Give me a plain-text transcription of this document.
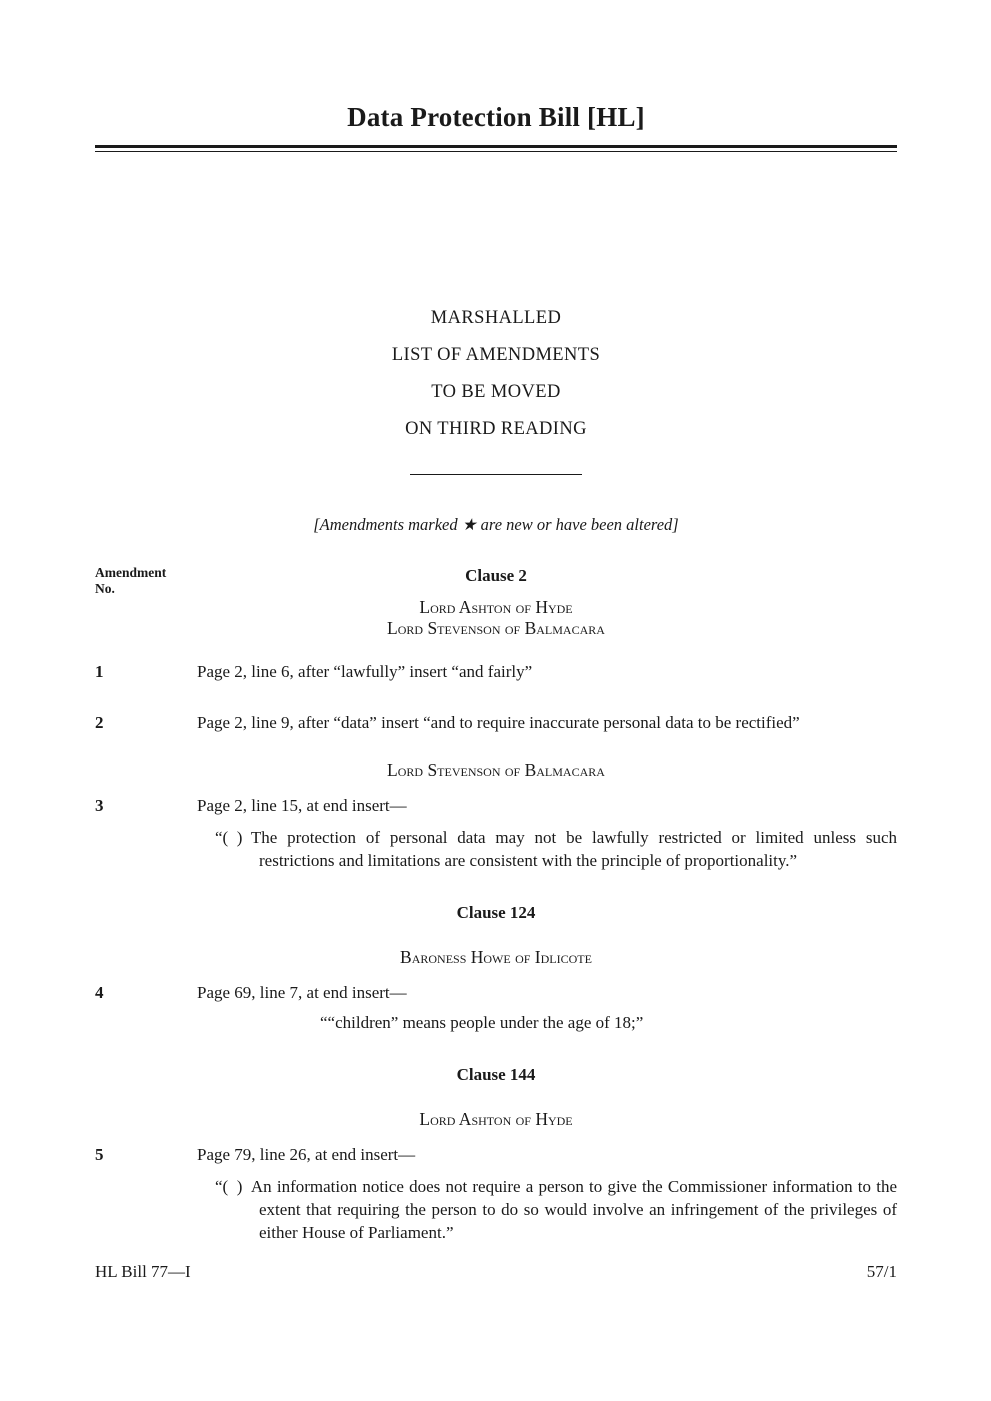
Data Protection Bill [HL]
MARSHALLED
LIST OF AMENDMENTS
TO BE MOVED
ON THIRD READING
[Amendments marked ★ are new or have been altered]
Amendment
No.
Clause 2
Lord Ashton of Hyde
Lord Stevenson of Balmacara
1	Page 2, line 6, after “lawfully” insert “and fairly”

2	Page 2, line 9, after “data” insert “and to require inaccurate personal data to be rectified”

Lord Stevenson of Balmacara
3	Page 2, line 15, at end insert—

“( ) The protection of personal data may not be lawfully restricted or limited unless such restrictions and limitations are consistent with the principle of proportionality.”

Clause 124
Baroness Howe of Idlicote
4	Page 69, line 7, at end insert—

““children” means people under the age of 18;”

Clause 144
Lord Ashton of Hyde
5	Page 79, line 26, at end insert—

“( ) An information notice does not require a person to give the Commissioner information to the extent that requiring the person to do so would involve an infringement of the privileges of either House of Parliament.”

HL Bill 77—I	57/1
